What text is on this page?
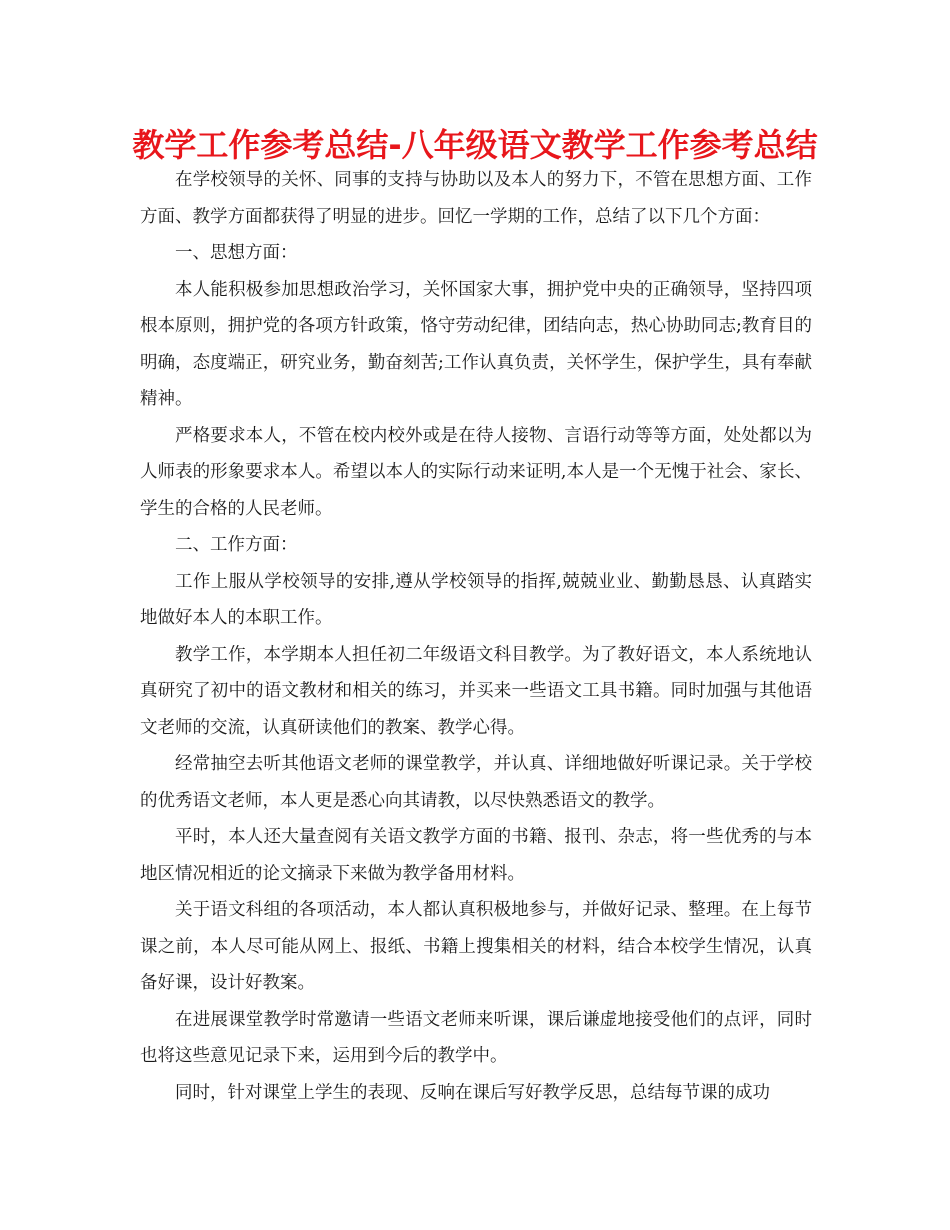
教学工作参考总结-八年级语文教学工作参考总结

在学校领导的关怀、同事的支持与协助以及本人的努力下，不管在思想方面、工作方面、教学方面都获得了明显的进步。回忆一学期的工作，总结了以下几个方面：

一、思想方面：

本人能积极参加思想政治学习，关怀国家大事，拥护党中央的正确领导，坚持四项根本原则，拥护党的各项方针政策，恪守劳动纪律，团结向志，热心协助同志;教育目的明确，态度端正，研究业务，勤奋刻苦;工作认真负责，关怀学生，保护学生，具有奉献精神。

严格要求本人，不管在校内校外或是在待人接物、言语行动等等方面，处处都以为人师表的形象要求本人。希望以本人的实际行动来证明,本人是一个无愧于社会、家长、学生的合格的人民老师。

二、工作方面：

工作上服从学校领导的安排,遵从学校领导的指挥,兢兢业业、勤勤恳恳、认真踏实地做好本人的本职工作。

教学工作，本学期本人担任初二年级语文科目教学。为了教好语文，本人系统地认真研究了初中的语文教材和相关的练习，并买来一些语文工具书籍。同时加强与其他语文老师的交流，认真研读他们的教案、教学心得。

经常抽空去听其他语文老师的课堂教学，并认真、详细地做好听课记录。关于学校的优秀语文老师，本人更是悉心向其请教，以尽快熟悉语文的教学。

平时，本人还大量查阅有关语文教学方面的书籍、报刊、杂志，将一些优秀的与本地区情况相近的论文摘录下来做为教学备用材料。

关于语文科组的各项活动，本人都认真积极地参与，并做好记录、整理。在上每节课之前，本人尽可能从网上、报纸、书籍上搜集相关的材料，结合本校学生情况，认真备好课，设计好教案。

在进展课堂教学时常邀请一些语文老师来听课，课后谦虚地接受他们的点评，同时也将这些意见记录下来，运用到今后的教学中。

同时，针对课堂上学生的表现、反响在课后写好教学反思，总结每节课的成功
